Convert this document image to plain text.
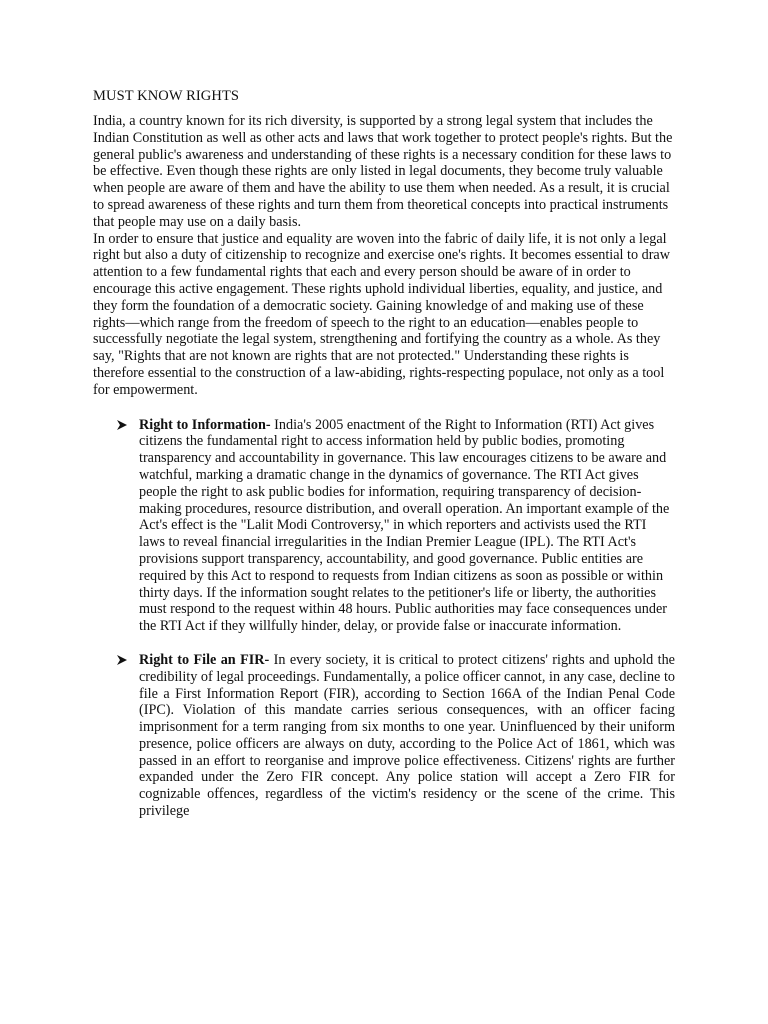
MUST KNOW RIGHTS

India, a country known for its rich diversity, is supported by a strong legal system that includes the Indian Constitution as well as other acts and laws that work together to protect people's rights. But the general public's awareness and understanding of these rights is a necessary condition for these laws to be effective. Even though these rights are only listed in legal documents, they become truly valuable when people are aware of them and have the ability to use them when needed. As a result, it is crucial to spread awareness of these rights and turn them from theoretical concepts into practical instruments that people may use on a daily basis.

In order to ensure that justice and equality are woven into the fabric of daily life, it is not only a legal right but also a duty of citizenship to recognize and exercise one's rights. It becomes essential to draw attention to a few fundamental rights that each and every person should be aware of in order to encourage this active engagement. These rights uphold individual liberties, equality, and justice, and they form the foundation of a democratic society. Gaining knowledge of and making use of these rights—which range from the freedom of speech to the right to an education—enables people to successfully negotiate the legal system, strengthening and fortifying the country as a whole. As they say, "Rights that are not known are rights that are not protected." Understanding these rights is therefore essential to the construction of a law-abiding, rights-respecting populace, not only as a tool for empowerment.

Right to Information- India's 2005 enactment of the Right to Information (RTI) Act gives citizens the fundamental right to access information held by public bodies, promoting transparency and accountability in governance. This law encourages citizens to be aware and watchful, marking a dramatic change in the dynamics of governance. The RTI Act gives people the right to ask public bodies for information, requiring transparency of decision-making procedures, resource distribution, and overall operation. An important example of the Act's effect is the "Lalit Modi Controversy," in which reporters and activists used the RTI laws to reveal financial irregularities in the Indian Premier League (IPL). The RTI Act's provisions support transparency, accountability, and good governance. Public entities are required by this Act to respond to requests from Indian citizens as soon as possible or within thirty days. If the information sought relates to the petitioner's life or liberty, the authorities must respond to the request within 48 hours. Public authorities may face consequences under the RTI Act if they willfully hinder, delay, or provide false or inaccurate information.
Right to File an FIR- In every society, it is critical to protect citizens' rights and uphold the credibility of legal proceedings. Fundamentally, a police officer cannot, in any case, decline to file a First Information Report (FIR), according to Section 166A of the Indian Penal Code (IPC). Violation of this mandate carries serious consequences, with an officer facing imprisonment for a term ranging from six months to one year. Uninfluenced by their uniform presence, police officers are always on duty, according to the Police Act of 1861, which was passed in an effort to reorganise and improve police effectiveness. Citizens' rights are further expanded under the Zero FIR concept. Any police station will accept a Zero FIR for cognizable offences, regardless of the victim's residency or the scene of the crime. This privilege
